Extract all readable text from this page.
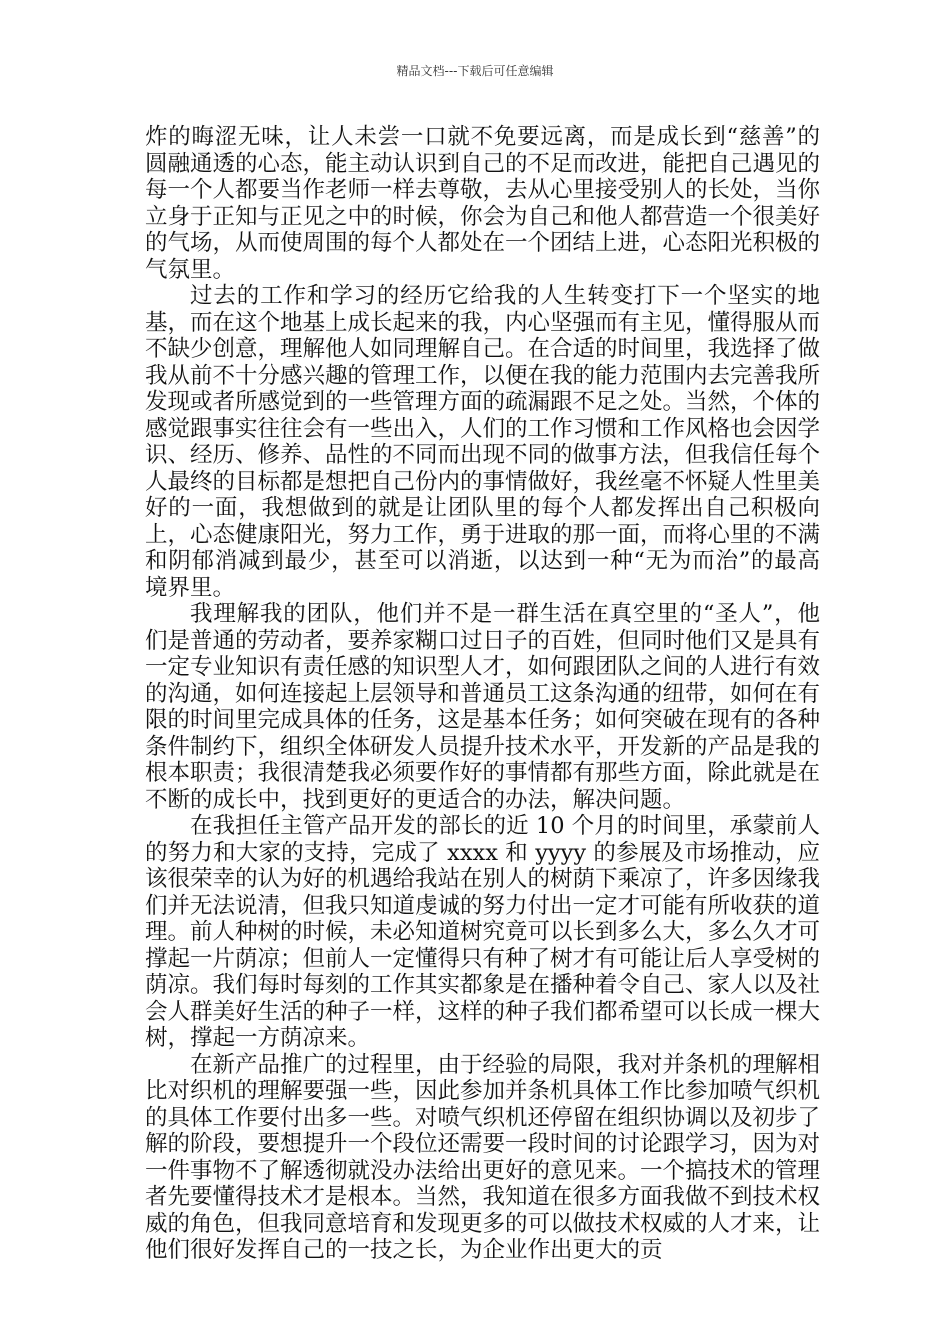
精品文档---下载后可任意编辑

炸的晦涩无味，让人未尝一口就不免要远离，而是成长到“慈善”的圆融通透的心态，能主动认识到自己的不足而改进，能把自己遇见的每一个人都要当作老师一样去尊敬，去从心里接受别人的长处，当你立身于正知与正见之中的时候，你会为自己和他人都营造一个很美好的气场，从而使周围的每个人都处在一个团结上进，心态阳光积极的气氛里。

过去的工作和学习的经历它给我的人生转变打下一个坚实的地基，而在这个地基上成长起来的我，内心坚强而有主见，懂得服从而不缺少创意，理解他人如同理解自己。在合适的时间里，我选择了做我从前不十分感兴趣的管理工作，以便在我的能力范围内去完善我所发现或者所感觉到的一些管理方面的疏漏跟不足之处。当然，个体的感觉跟事实往往会有一些出入，人们的工作习惯和工作风格也会因学识、经历、修养、品性的不同而出现不同的做事方法，但我信任每个人最终的目标都是想把自己份内的事情做好，我丝毫不怀疑人性里美好的一面，我想做到的就是让团队里的每个人都发挥出自己积极向上，心态健康阳光，努力工作，勇于进取的那一面，而将心里的不满和阴郁消减到最少，甚至可以消逝，以达到一种“无为而治”的最高境界里。

我理解我的团队，他们并不是一群生活在真空里的“圣人”，他们是普通的劳动者，要养家糊口过日子的百姓，但同时他们又是具有一定专业知识有责任感的知识型人才，如何跟团队之间的人进行有效的沟通，如何连接起上层领导和普通员工这条沟通的纽带，如何在有限的时间里完成具体的任务，这是基本任务；如何突破在现有的各种条件制约下，组织全体研发人员提升技术水平，开发新的产品是我的根本职责；我很清楚我必须要作好的事情都有那些方面，除此就是在不断的成长中，找到更好的更适合的办法，解决问题。

在我担任主管产品开发的部长的近 10 个月的时间里，承蒙前人的努力和大家的支持，完成了 xxxx 和 yyyy 的参展及市场推动，应该很荣幸的认为好的机遇给我站在别人的树荫下乘凉了，许多因缘我们并无法说清，但我只知道虔诚的努力付出一定才可能有所收获的道理。前人种树的时候，未必知道树究竟可以长到多么大，多么久才可撑起一片荫凉；但前人一定懂得只有种了树才有可能让后人享受树的荫凉。我们每时每刻的工作其实都象是在播种着令自己、家人以及社会人群美好生活的种子一样，这样的种子我们都希望可以长成一棵大树，撑起一方荫凉来。

在新产品推广的过程里，由于经验的局限，我对并条机的理解相比对织机的理解要强一些，因此参加并条机具体工作比参加喷气织机的具体工作要付出多一些。对喷气织机还停留在组织协调以及初步了解的阶段，要想提升一个段位还需要一段时间的讨论跟学习，因为对一件事物不了解透彻就没办法给出更好的意见来。一个搞技术的管理者先要懂得技术才是根本。当然，我知道在很多方面我做不到技术权威的角色，但我同意培育和发现更多的可以做技术权威的人才来，让他们很好发挥自己的一技之长，为企业作出更大的贡
